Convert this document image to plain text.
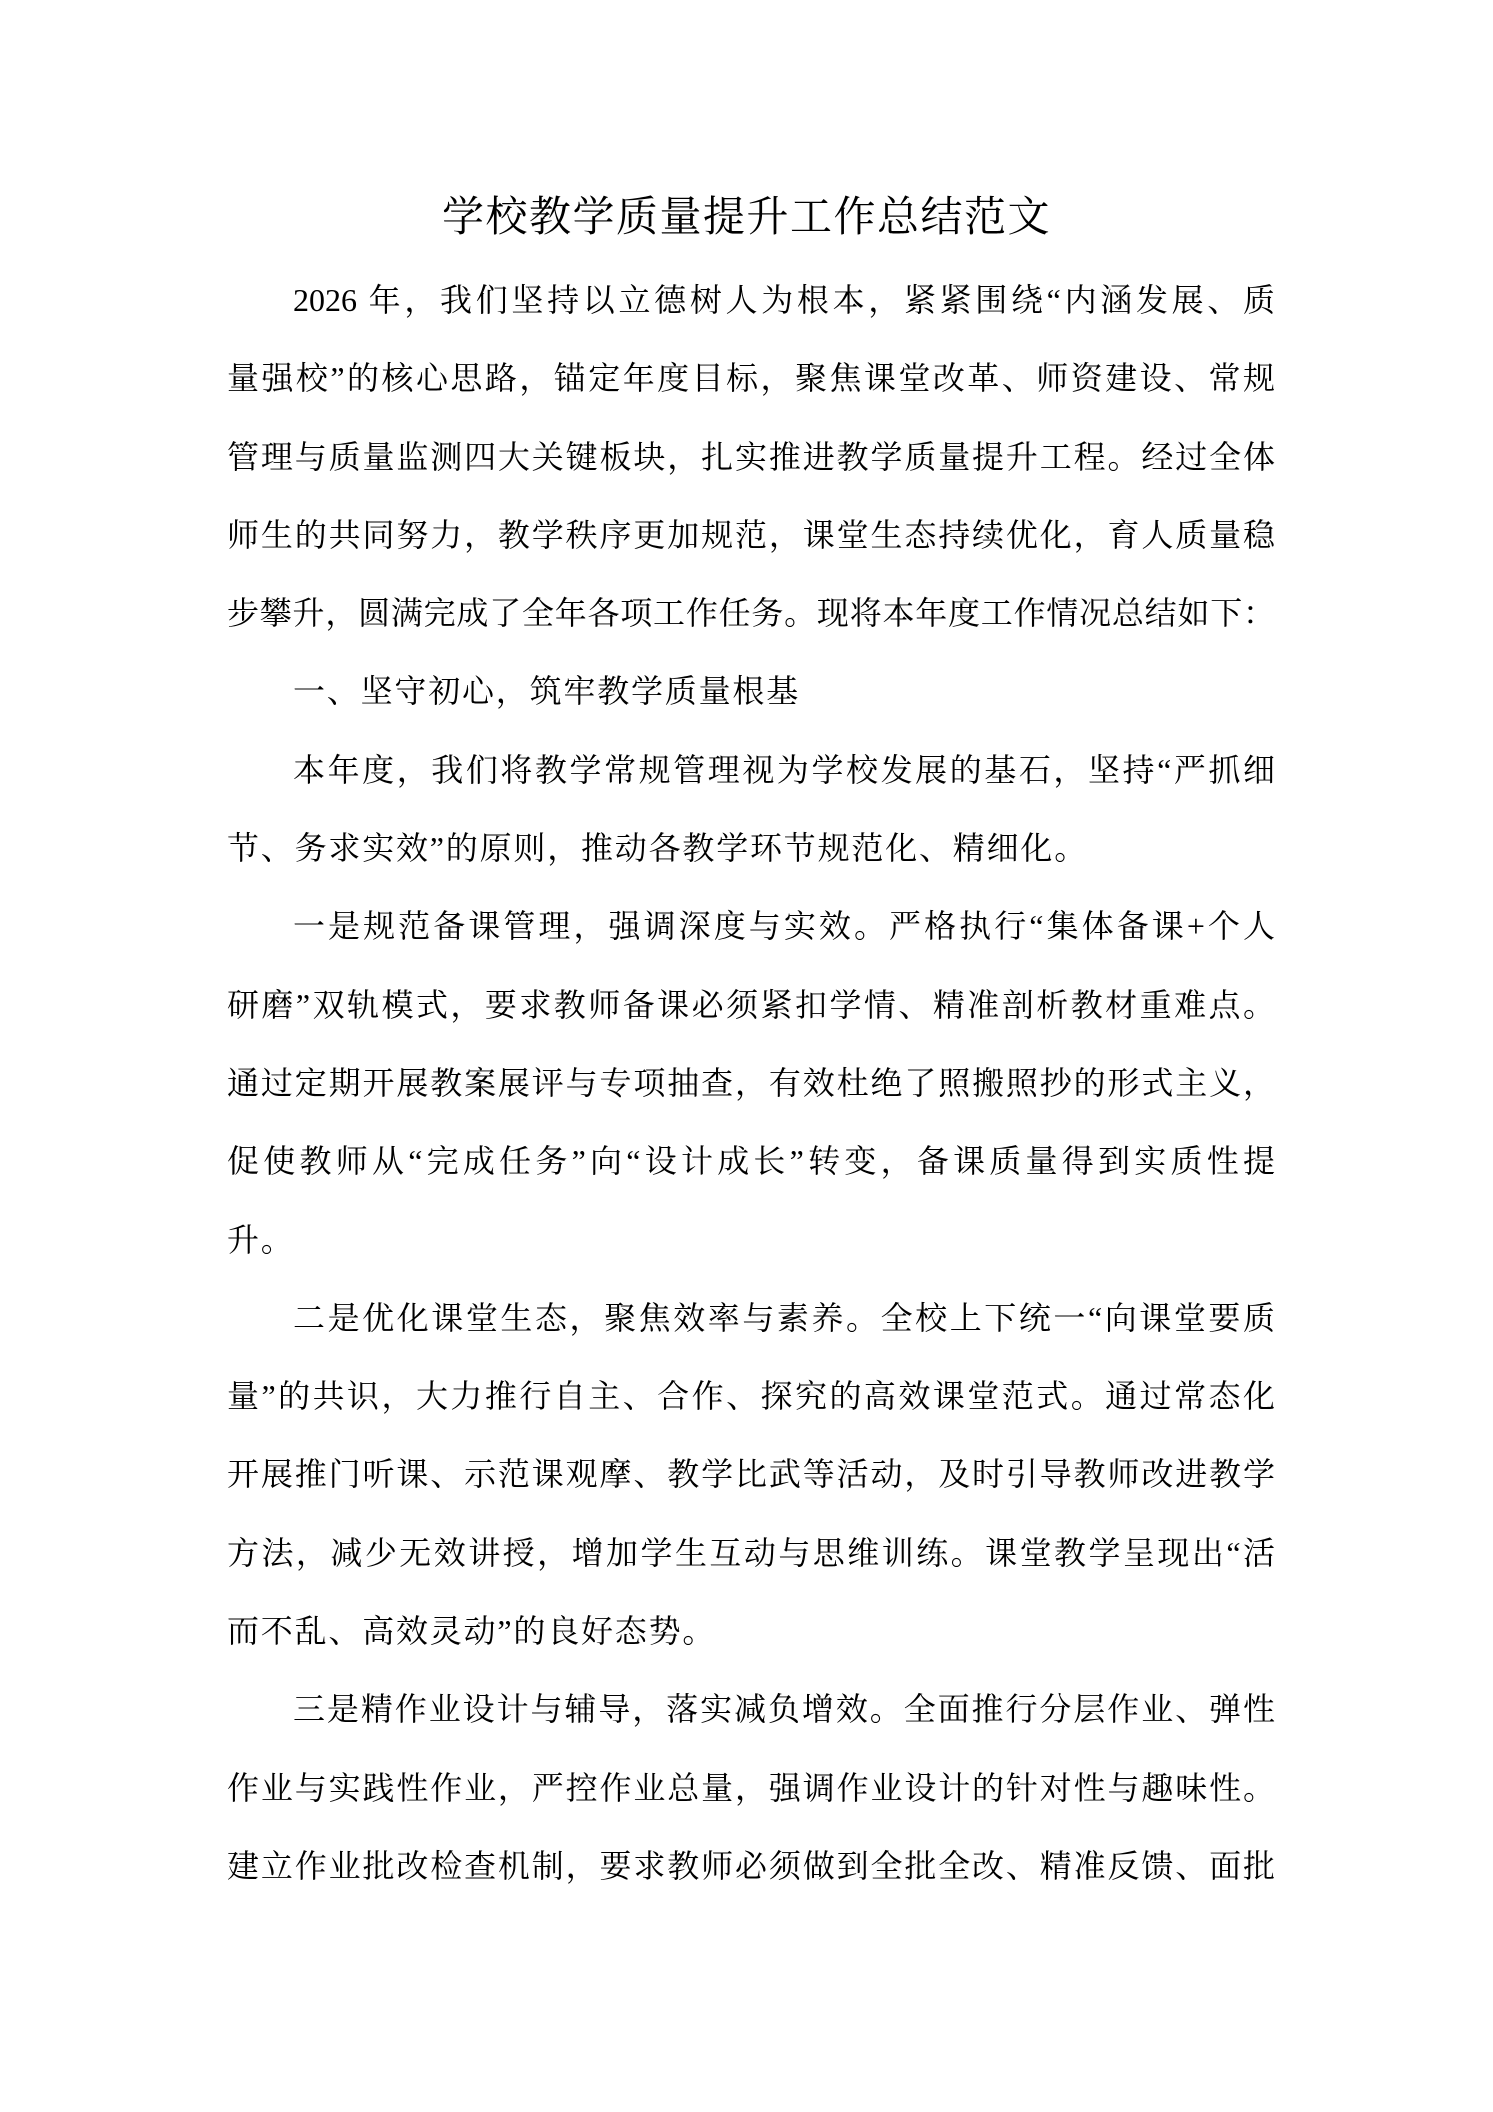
学校教学质量提升工作总结范文
2026 年，我们坚持以立德树人为根本，紧紧围绕“内涵发展、质
量强校”的核心思路，锚定年度目标，聚焦课堂改革、师资建设、常规
管理与质量监测四大关键板块，扎实推进教学质量提升工程。经过全体
师生的共同努力，教学秩序更加规范，课堂生态持续优化，育人质量稳
步攀升，圆满完成了全年各项工作任务。现将本年度工作情况总结如下：
一、坚守初心，筑牢教学质量根基
本年度，我们将教学常规管理视为学校发展的基石，坚持“严抓细
节、务求实效”的原则，推动各教学环节规范化、精细化。
一是规范备课管理，强调深度与实效。严格执行“集体备课+个人
研磨”双轨模式，要求教师备课必须紧扣学情、精准剖析教材重难点。
通过定期开展教案展评与专项抽查，有效杜绝了照搬照抄的形式主义，
促使教师从“完成任务”向“设计成长”转变，备课质量得到实质性提
升。
二是优化课堂生态，聚焦效率与素养。全校上下统一“向课堂要质
量”的共识，大力推行自主、合作、探究的高效课堂范式。通过常态化
开展推门听课、示范课观摩、教学比武等活动，及时引导教师改进教学
方法，减少无效讲授，增加学生互动与思维训练。课堂教学呈现出“活
而不乱、高效灵动”的良好态势。
三是精作业设计与辅导，落实减负增效。全面推行分层作业、弹性
作业与实践性作业，严控作业总量，强调作业设计的针对性与趣味性。
建立作业批改检查机制，要求教师必须做到全批全改、精准反馈、面批
